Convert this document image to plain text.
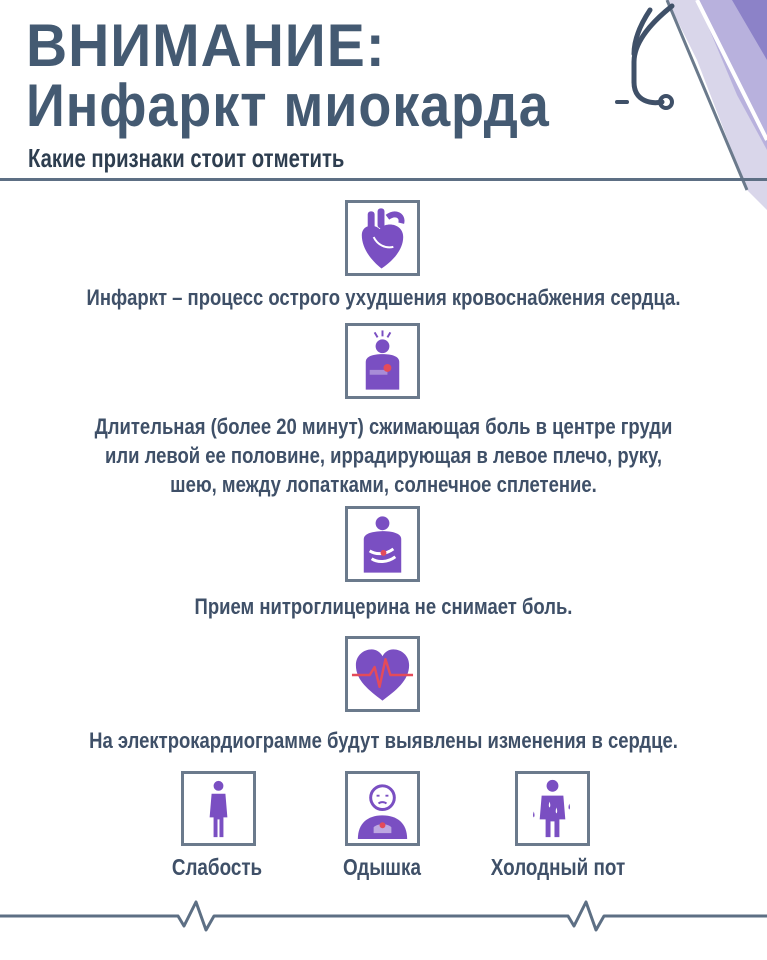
ВНИМАНИЕ:
Инфаркт миокарда
Какие признаки стоит отметить

Инфаркт – процесс острого ухудшения кровоснабжения сердца.

Длительная (более 20 минут) сжимающая боль в центре груди

или левой ее половине, иррадирующая в левое плечо, руку,

шею, между лопатками, солнечное сплетение.

Прием нитроглицерина не снимает боль.

На электрокардиограмме будут выявлены изменения в сердце.

Слабость	Одышка	Холодный пот
